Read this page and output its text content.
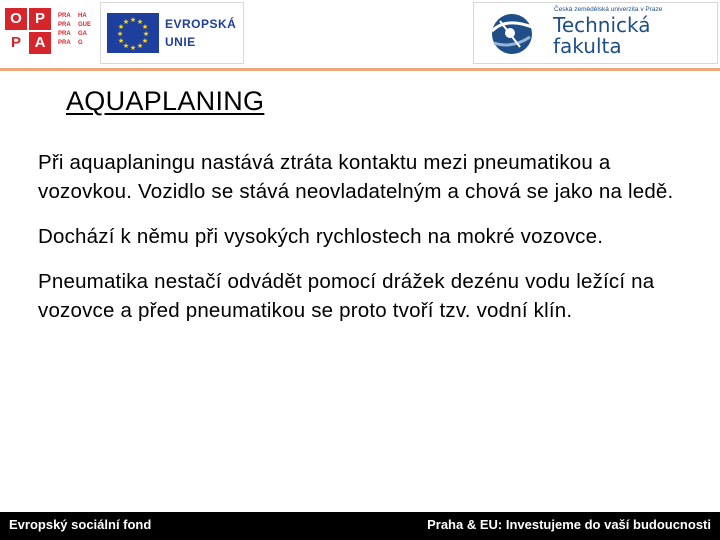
O P
P A
PRA HA
PRA GUE
PRA GA
PRA G
★ ★
★
★
★
★
★
★
★
★
★
★	EVROPSKÁ
UNIE
Česká zemědělská univerzita v Praze
Technická
fakulta
AQUAPLANING

Při aquaplaningu nastává ztráta kontaktu mezi pneumatikou a vozovkou. Vozidlo se stává neovladatelným a chová se jako na ledě.

Dochází k němu při vysokých rychlostech na mokré vozovce.

Pneumatika nestačí odvádět pomocí drážek dezénu vodu ležící na vozovce a před pneumatikou se proto tvoří tzv. vodní klín.

Evropský sociální fond	Praha & EU: Investujeme do vaší budoucnosti
